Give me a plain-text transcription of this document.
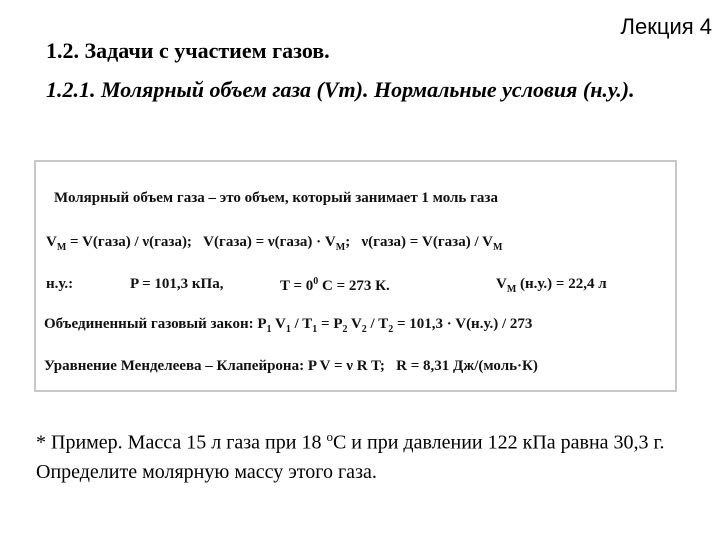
Лекция 4
1.2. Задачи с участием газов.
1.2.1. Молярный объем газа (Vm). Нормальные условия (н.у.).
Молярный объем газа – это объем, который занимает 1 моль газа
$V_M$ = V(газа) / ν(газа);   V(газа) = ν(газа) · $V_M$;   ν(газа) = V(газа) / $V_M$
н.у.:	P = 101,3 кПа,	$T = 0^0$ C = 273 К.	$V_M$ (н.у.) = 22,4 л
Объединенный газовый закон: $P_1$ $V_1 / T_1 = P_2$ $V_2 / T_2 = 101,3 \cdot V(н.у.) / 273$
Уравнение Менделеева – Клапейрона: P V = ν R T;   R = 8,31 Дж/(моль·К)
* Пример. Масса 15 л газа при 18 $^о$С и при давлении 122 кПа равна 30,3 г. Определите молярную массу этого газа.
